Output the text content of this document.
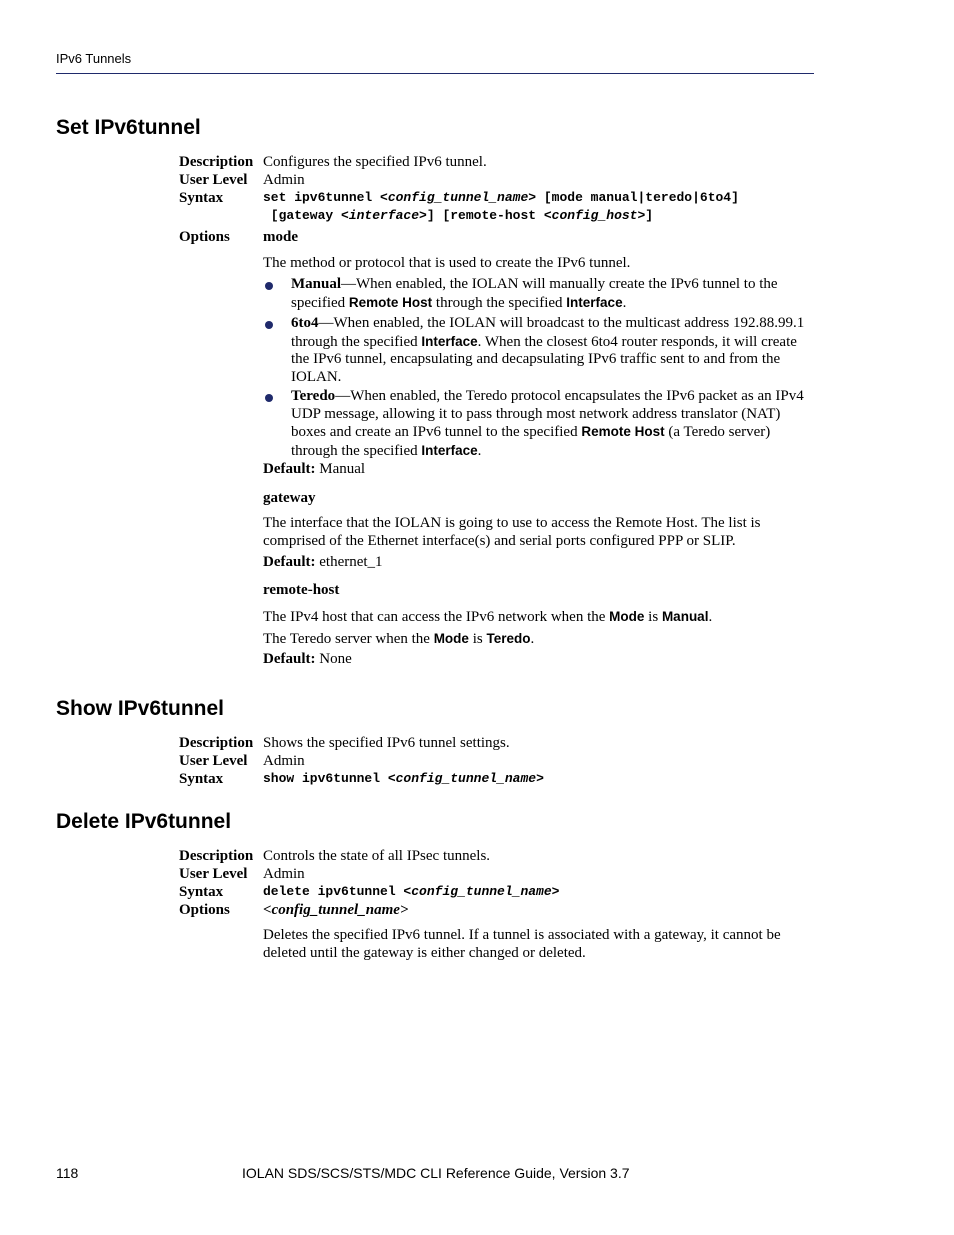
IPv6 Tunnels
Set IPv6tunnel
Description Configures the specified IPv6 tunnel.
User Level Admin
Syntax	set ipv6tunnel <config_tunnel_name> [mode manual|teredo|6to4]
[gateway <interface>] [remote-host <config_host>]
Options mode
The method or protocol that is used to create the IPv6 tunnel.
Manual—When enabled, the IOLAN will manually create the IPv6 tunnel to the specified Remote Host through the specified Interface.
6to4—When enabled, the IOLAN will broadcast to the multicast address 192.88.99.1 through the specified Interface. When the closest 6to4 router responds, it will create the IPv6 tunnel, encapsulating and decapsulating IPv6 traffic sent to and from the IOLAN.
Teredo—When enabled, the Teredo protocol encapsulates the IPv6 packet as an IPv4 UDP message, allowing it to pass through most network address translator (NAT) boxes and create an IPv6 tunnel to the specified Remote Host (a Teredo server) through the specified Interface.
Default: Manual
gateway
The interface that the IOLAN is going to use to access the Remote Host. The list is comprised of the Ethernet interface(s) and serial ports configured PPP or SLIP.
Default: ethernet_1
remote-host
The IPv4 host that can access the IPv6 network when the Mode is Manual.
The Teredo server when the Mode is Teredo.
Default: None
Show IPv6tunnel
Description Shows the specified IPv6 tunnel settings.
User Level Admin
Syntax	show ipv6tunnel <config_tunnel_name>
Delete IPv6tunnel
Description Controls the state of all IPsec tunnels.
User Level Admin
Syntax	delete ipv6tunnel <config_tunnel_name>
Options <config_tunnel_name>
Deletes the specified IPv6 tunnel. If a tunnel is associated with a gateway, it cannot be deleted until the gateway is either changed or deleted.
118	IOLAN SDS/SCS/STS/MDC CLI Reference Guide, Version 3.7
